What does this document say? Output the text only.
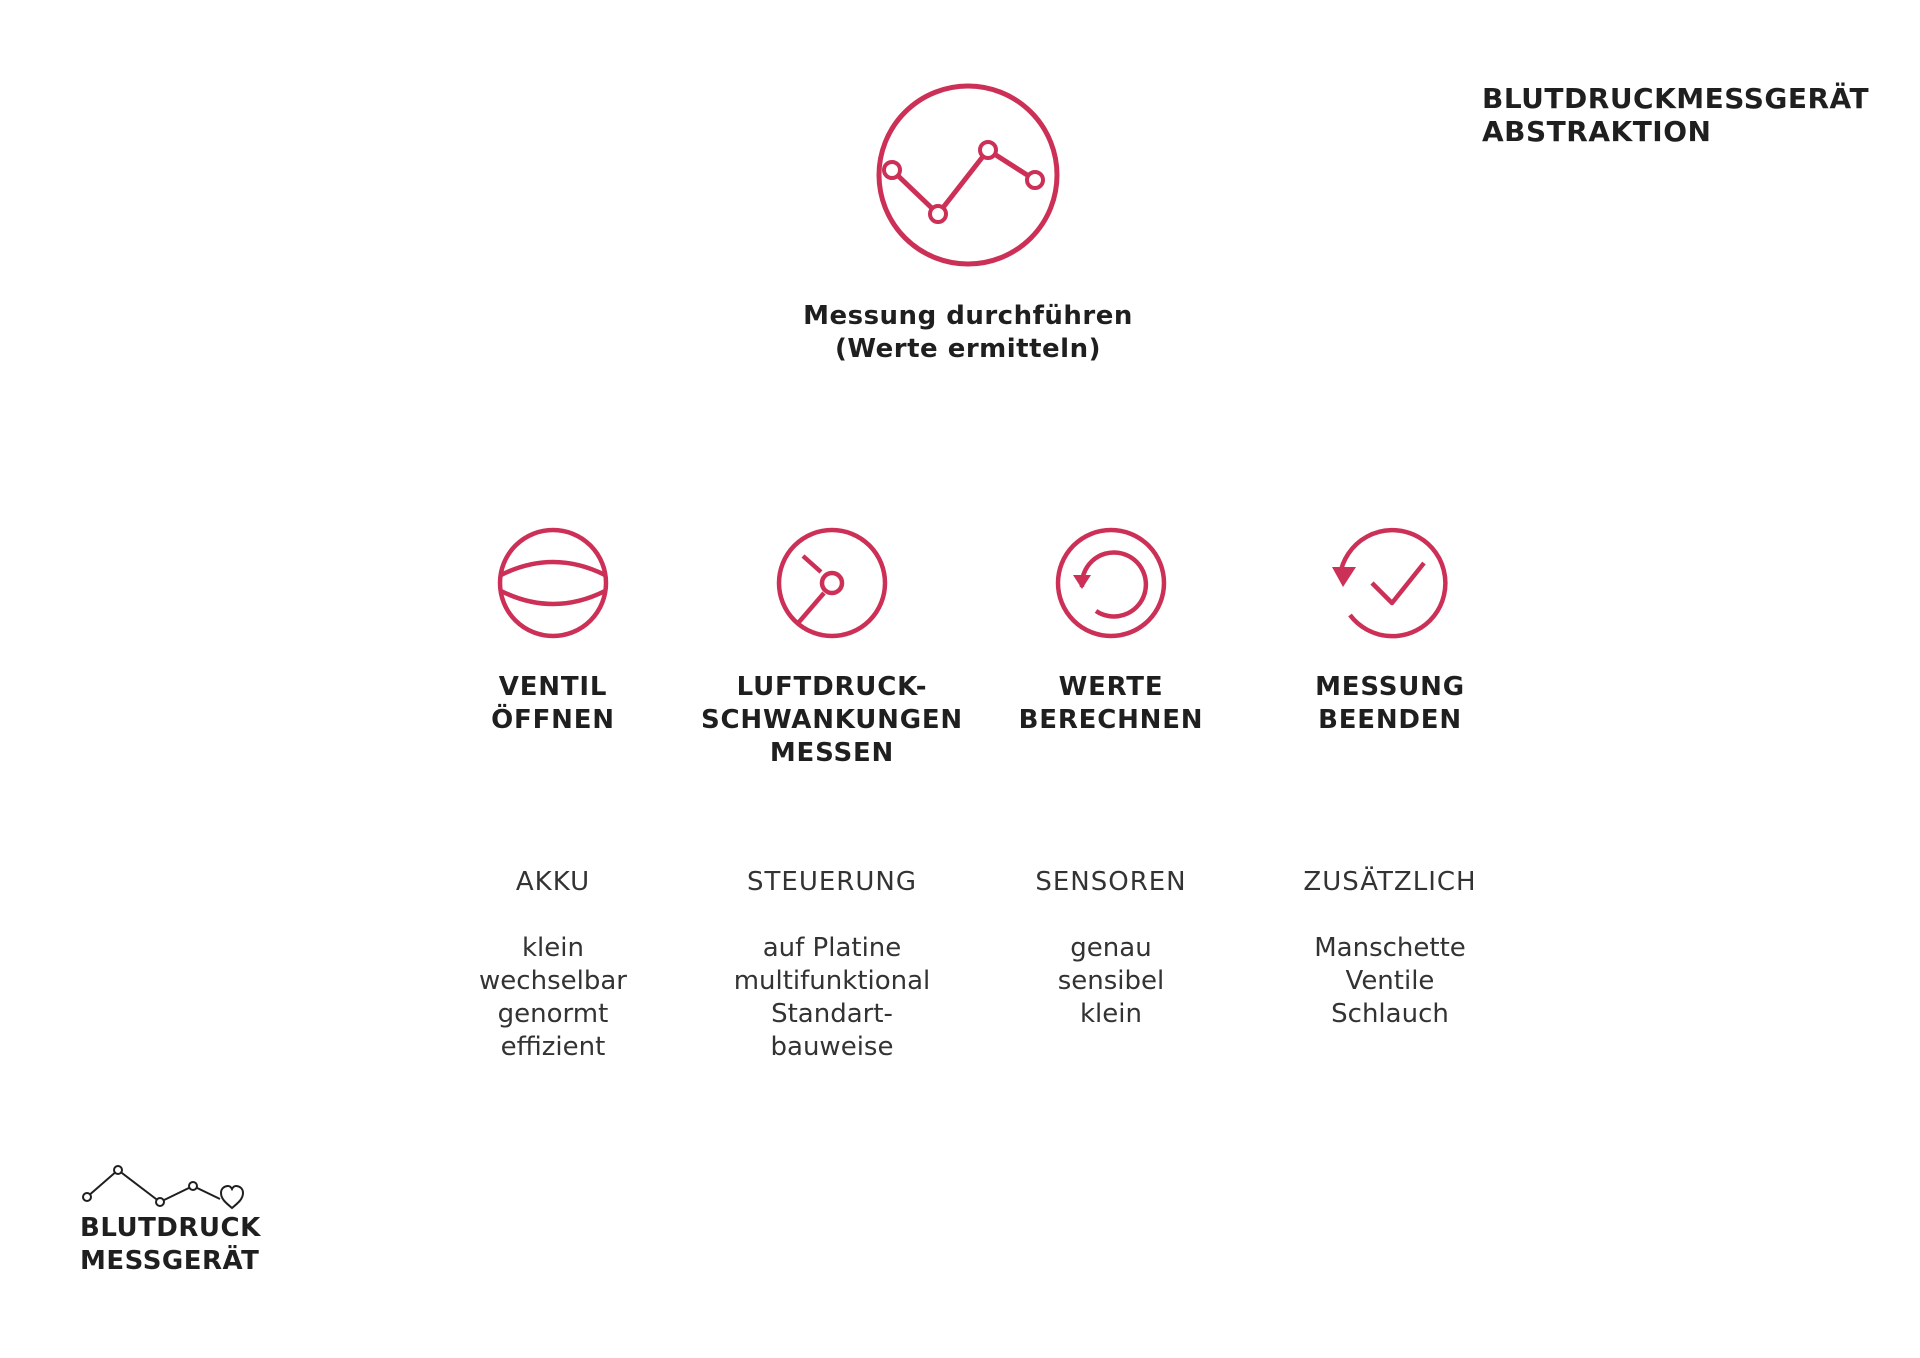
BLUTDRUCKMESSGERÄT
ABSTRAKTION
Messung durchführen
(Werte ermitteln)
VENTIL
ÖFFNEN
LUFTDRUCK-
SCHWANKUNGEN
MESSEN
WERTE
BERECHNEN
MESSUNG
BEENDEN
AKKU
klein
wechselbar
genormt
effizient
STEUERUNG
auf Platine
multifunktional
Standart-
bauweise
SENSOREN
genau
sensibel
klein
ZUSÄTZLICH
Manschette
Ventile
Schlauch
BLUTDRUCK
MESSGERÄT
